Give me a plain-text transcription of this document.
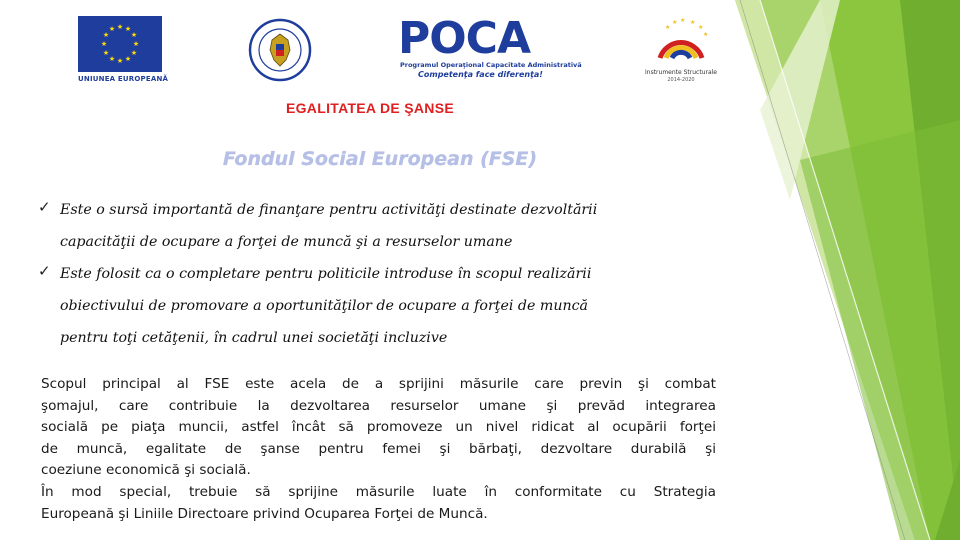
★ ★
★
★
★
★
★
★
★
★
★
★
UNIUNEA EUROPEANĂ
POCA
Programul Operaţional Capacitate Administrativă
Competenţa face diferenţa!
★ ★
★
★
★
★
Instrumente Structurale
2014-2020
EGALITATEA DE ŞANSE
Fondul Social European (FSE)
✓ Este o sursă importantă de finanţare pentru activităţi destinate dezvoltării
capacităţii de ocupare a forţei de muncă şi a resurselor umane
✓ Este folosit ca o completare pentru politicile introduse în scopul realizării
obiectivului de promovare a oportunităţilor de ocupare a forţei de muncă
pentru toţi cetăţenii, în cadrul unei societăţi incluzive
Scopul principal al FSE este acela de a sprijini măsurile care previn şi combat
şomajul, care contribuie la dezvoltarea resurselor umane şi prevăd integrarea
socială pe piaţa muncii, astfel încât să promoveze un nivel ridicat al ocupării forţei
de muncă, egalitate de şanse pentru femei şi bărbaţi, dezvoltare durabilă şi
coeziune economică şi socială.
În mod special, trebuie să sprijine măsurile luate în conformitate cu Strategia
Europeană şi Liniile Directoare privind Ocuparea Forţei de Muncă.
